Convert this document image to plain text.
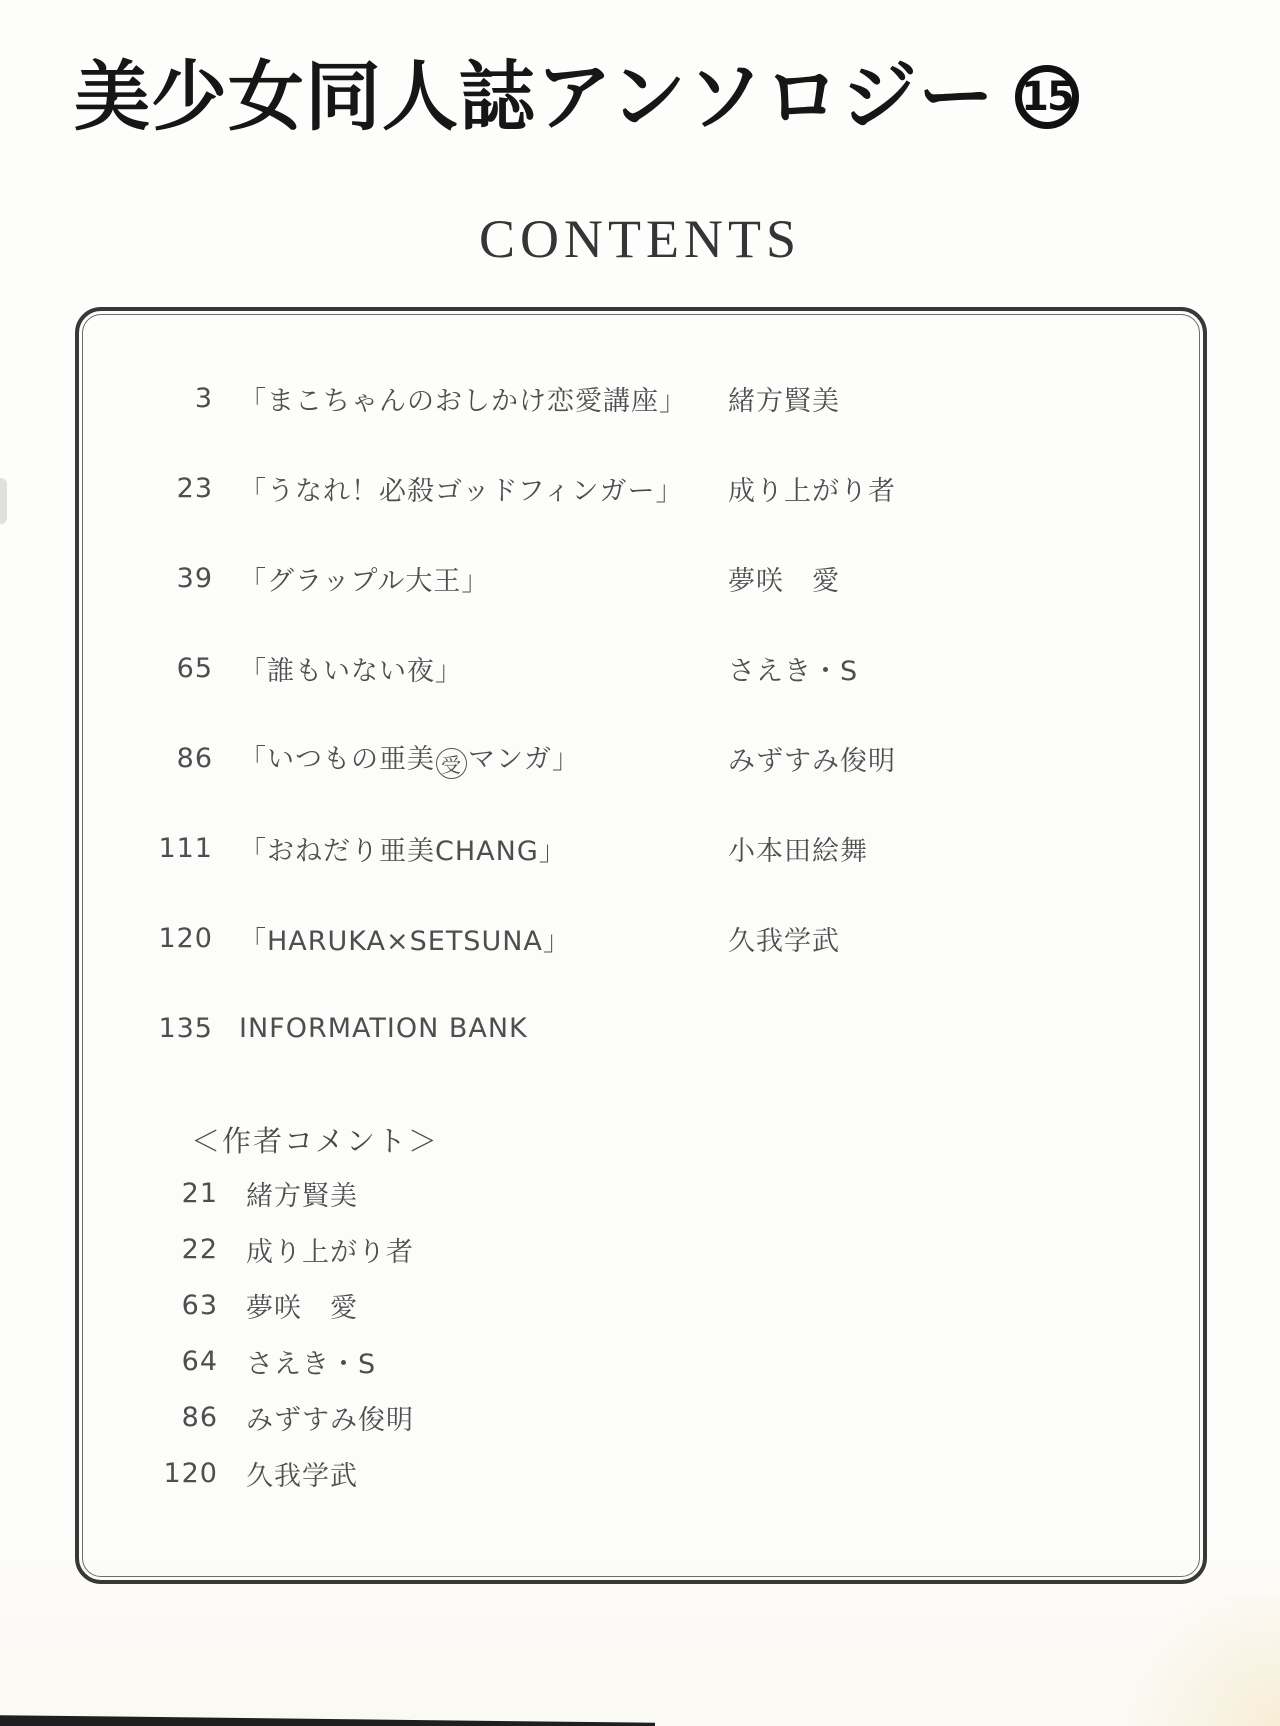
美少女同人誌アンソロジー 15
CONTENTS
3 「まこちゃんのおしかけ恋愛講座」 緒方賢美
23 「うなれ！必殺ゴッドフィンガー」 成り上がり者
39 「グラップル大王」	夢咲　愛
65 「誰もいない夜」	さえき・S
86 「いつもの亜美 受 マンガ」	みずすみ俊明
111 「おねだり亜美CHANG」	小本田絵舞
120 「HARUKA×SETSUNA」	久我学武
135 INFORMATION BANK
＜作者コメント＞
21 緒方賢美
22 成り上がり者
63 夢咲　愛
64 さえき・S
86 みずすみ俊明
120 久我学武
